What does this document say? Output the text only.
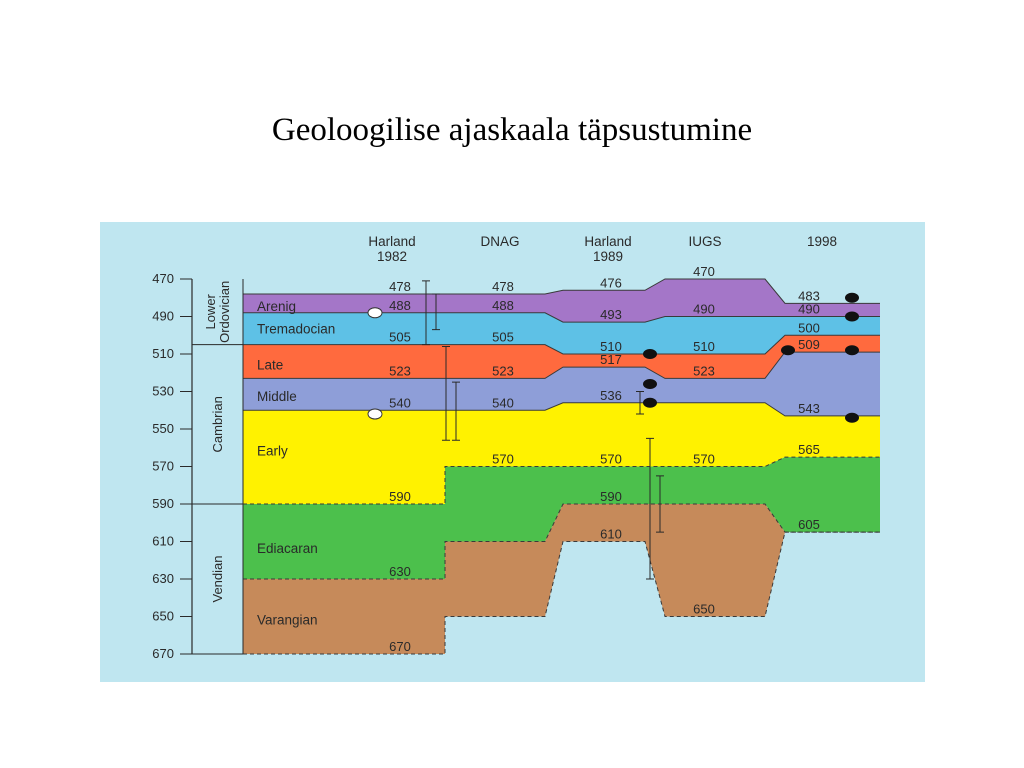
Geoloogilise ajaskaala täpsustumine
470
490
510
530
550
570
590
610
630
650
670
LowerOrdovician
Cambrian
Vendian
Harland
1982
DNAG	Harland
1989
IUGS	1998
Arenig
Tremadocian
Late
Middle
Early
Ediacaran
Varangian
478
488
505
523
540
590
630
670
478
488
505
523
540
570
476
493
510
517
536
570
590
610
470
490
510
523
570
650
483
490
500
509
543
565
605
